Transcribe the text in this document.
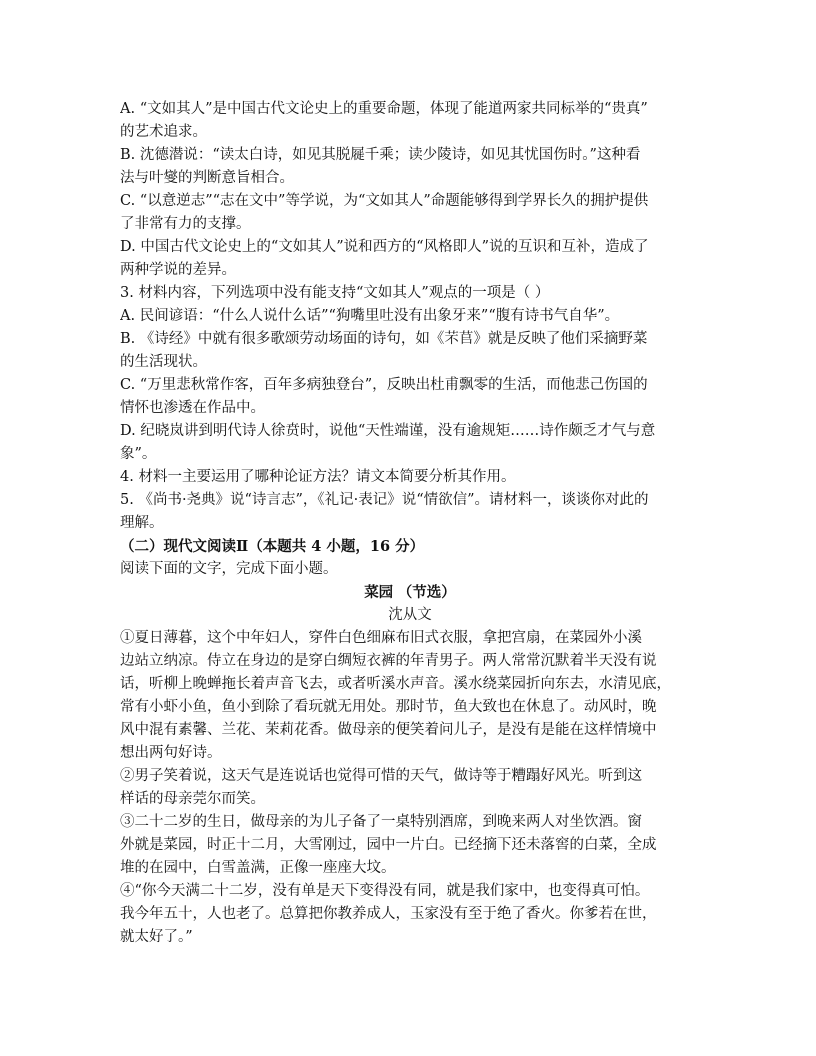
A. “文如其人”是中国古代文论史上的重要命题，体现了能道两家共同标举的“贵真”
的艺术追求。
B. 沈德潜说：“读太白诗，如见其脱屣千乘；读少陵诗，如见其忧国伤时。”这种看
法与叶燮的判断意旨相合。
C. “以意逆志”“志在文中”等学说，为“文如其人”命题能够得到学界长久的拥护提供
了非常有力的支撑。
D. 中国古代文论史上的“文如其人”说和西方的“风格即人”说的互识和互补，造成了
两种学说的差异。
3. 材料内容，下列选项中没有能支持“文如其人”观点的一项是（ ）
A. 民间谚语：“什么人说什么话”“狗嘴里吐没有出象牙来”“腹有诗书气自华”。
B. 《诗经》中就有很多歌颂劳动场面的诗句，如《芣苢》就是反映了他们采摘野菜
的生活现状。
C. “万里悲秋常作客，百年多病独登台”，反映出杜甫飘零的生活，而他悲己伤国的
情怀也渗透在作品中。
D. 纪晓岚讲到明代诗人徐贲时，说他“天性端谨，没有逾规矩……诗作颇乏才气与意
象”。
4. 材料一主要运用了哪种论证方法？请文本简要分析其作用。
5. 《尚书·尧典》说“诗言志”，《礼记·表记》说“情欲信”。请材料一，谈谈你对此的
理解。
（二）现代文阅读Ⅱ（本题共 4 小题，16 分）
阅读下面的文字，完成下面小题。
菜园 （节选）
沈从文
①夏日薄暮，这个中年妇人，穿件白色细麻布旧式衣服，拿把宫扇，在菜园外小溪
边站立纳凉。侍立在身边的是穿白绸短衣裤的年青男子。两人常常沉默着半天没有说
话，听柳上晚蝉拖长着声音飞去，或者听溪水声音。溪水绕菜园折向东去，水清见底，
常有小虾小鱼，鱼小到除了看玩就无用处。那时节，鱼大致也在休息了。动风时，晚
风中混有素馨、兰花、茉莉花香。做母亲的便笑着问儿子，是没有是能在这样情境中
想出两句好诗。
②男子笑着说，这天气是连说话也觉得可惜的天气，做诗等于糟蹋好风光。听到这
样话的母亲莞尔而笑。
③二十二岁的生日，做母亲的为儿子备了一桌特别酒席，到晚来两人对坐饮酒。窗
外就是菜园，时正十二月，大雪刚过，园中一片白。已经摘下还未落窖的白菜，全成
堆的在园中，白雪盖满，正像一座座大坟。
④“你今天满二十二岁，没有单是天下变得没有同，就是我们家中，也变得真可怕。
我今年五十，人也老了。总算把你教养成人，玉家没有至于绝了香火。你爹若在世，
就太好了。”
